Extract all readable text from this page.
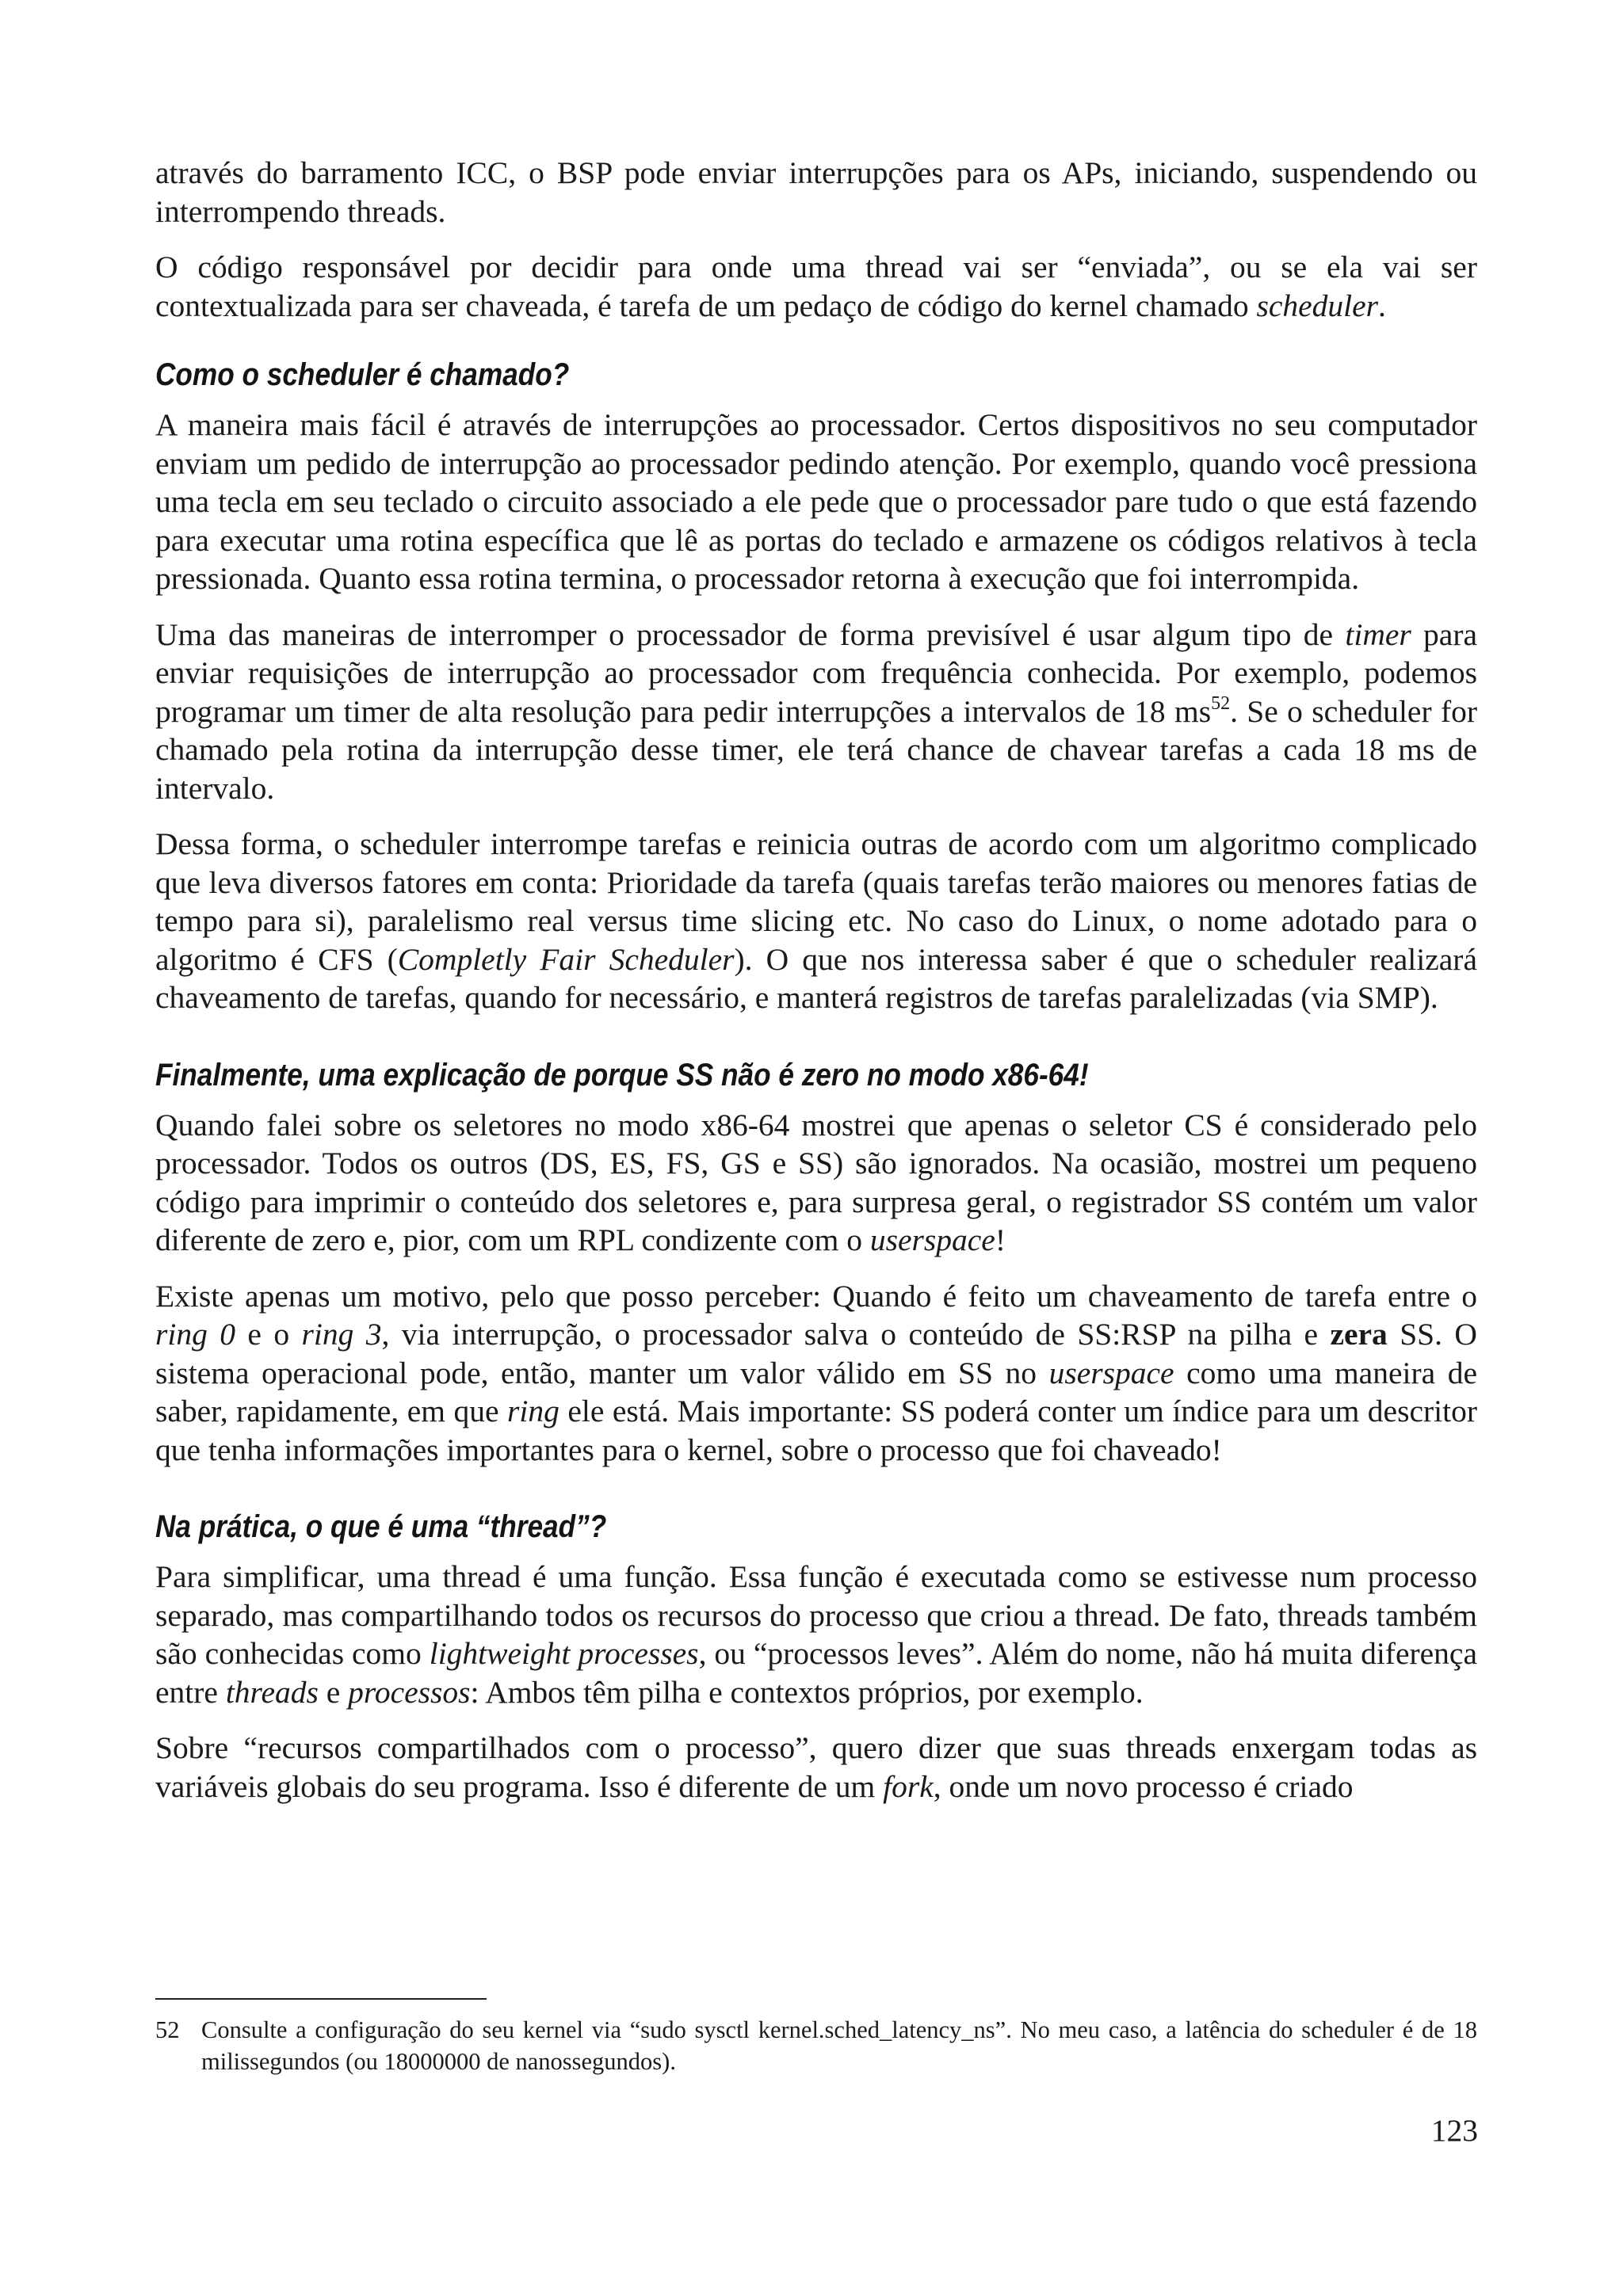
através do barramento ICC, o BSP pode enviar interrupções para os APs, iniciando, suspendendo ou interrompendo threads.

O código responsável por decidir para onde uma thread vai ser “enviada”, ou se ela vai ser contextualizada para ser chaveada, é tarefa de um pedaço de código do kernel chamado scheduler.

Como o scheduler é chamado?

A maneira mais fácil é através de interrupções ao processador. Certos dispositivos no seu computador enviam um pedido de interrupção ao processador pedindo atenção. Por exemplo, quando você pressiona uma tecla em seu teclado o circuito associado a ele pede que o processador pare tudo o que está fazendo para executar uma rotina específica que lê as portas do teclado e armazene os códigos relativos à tecla pressionada. Quanto essa rotina termina, o processador retorna à execução que foi interrompida.

Uma das maneiras de interromper o processador de forma previsível é usar algum tipo de timer para enviar requisições de interrupção ao processador com frequência conhecida. Por exemplo, podemos programar um timer de alta resolução para pedir interrupções a intervalos de 18 $ms^{52}$. Se o scheduler for chamado pela rotina da interrupção desse timer, ele terá chance de chavear tarefas a cada 18 ms de intervalo.

Dessa forma, o scheduler interrompe tarefas e reinicia outras de acordo com um algoritmo complicado que leva diversos fatores em conta: Prioridade da tarefa (quais tarefas terão maiores ou menores fatias de tempo para si), paralelismo real versus time slicing etc. No caso do Linux, o nome adotado para o algoritmo é CFS (Completly Fair Scheduler). O que nos interessa saber é que o scheduler realizará chaveamento de tarefas, quando for necessário, e manterá registros de tarefas paralelizadas (via SMP).

Finalmente, uma explicação de porque SS não é zero no modo x86-64!

Quando falei sobre os seletores no modo x86-64 mostrei que apenas o seletor CS é considerado pelo processador. Todos os outros (DS, ES, FS, GS e SS) são ignorados. Na ocasião, mostrei um pequeno código para imprimir o conteúdo dos seletores e, para surpresa geral, o registrador SS contém um valor diferente de zero e, pior, com um RPL condizente com o userspace!

Existe apenas um motivo, pelo que posso perceber: Quando é feito um chaveamento de tarefa entre o ring 0 e o ring 3, via interrupção, o processador salva o conteúdo de SS:RSP na pilha e zera SS. O sistema operacional pode, então, manter um valor válido em SS no userspace como uma maneira de saber, rapidamente, em que ring ele está. Mais importante: SS poderá conter um índice para um descritor que tenha informações importantes para o kernel, sobre o processo que foi chaveado!

Na prática, o que é uma “thread”?

Para simplificar, uma thread é uma função. Essa função é executada como se estivesse num processo separado, mas compartilhando todos os recursos do processo que criou a thread. De fato, threads também são conhecidas como lightweight processes, ou “processos leves”. Além do nome, não há muita diferença entre threads e processos: Ambos têm pilha e contextos próprios, por exemplo.

Sobre “recursos compartilhados com o processo”, quero dizer que suas threads enxergam todas as variáveis globais do seu programa. Isso é diferente de um fork, onde um novo processo é criado

52 Consulte a configuração do seu kernel via “sudo sysctl kernel.sched_latency_ns”. No meu caso, a latência do scheduler é de 18 milissegundos (ou 18000000 de nanossegundos).
123
